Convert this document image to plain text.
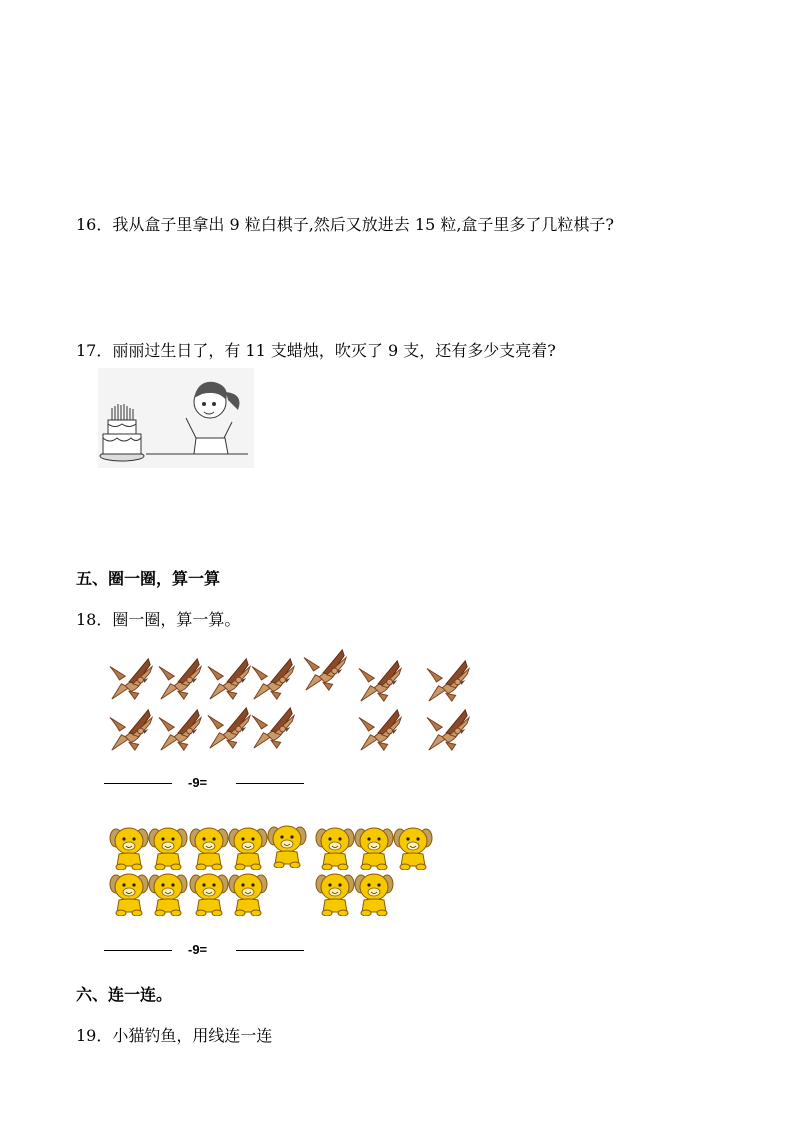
16．我从盒子里拿出 9 粒白棋子,然后又放进去 15 粒,盒子里多了几粒棋子?
17．丽丽过生日了，有 11 支蜡烛，吹灭了 9 支，还有多少支亮着?
五、圈一圈，算一算
18．圈一圈，算一算。
-9=
-9=
六、连一连。
19．小猫钓鱼，用线连一连
